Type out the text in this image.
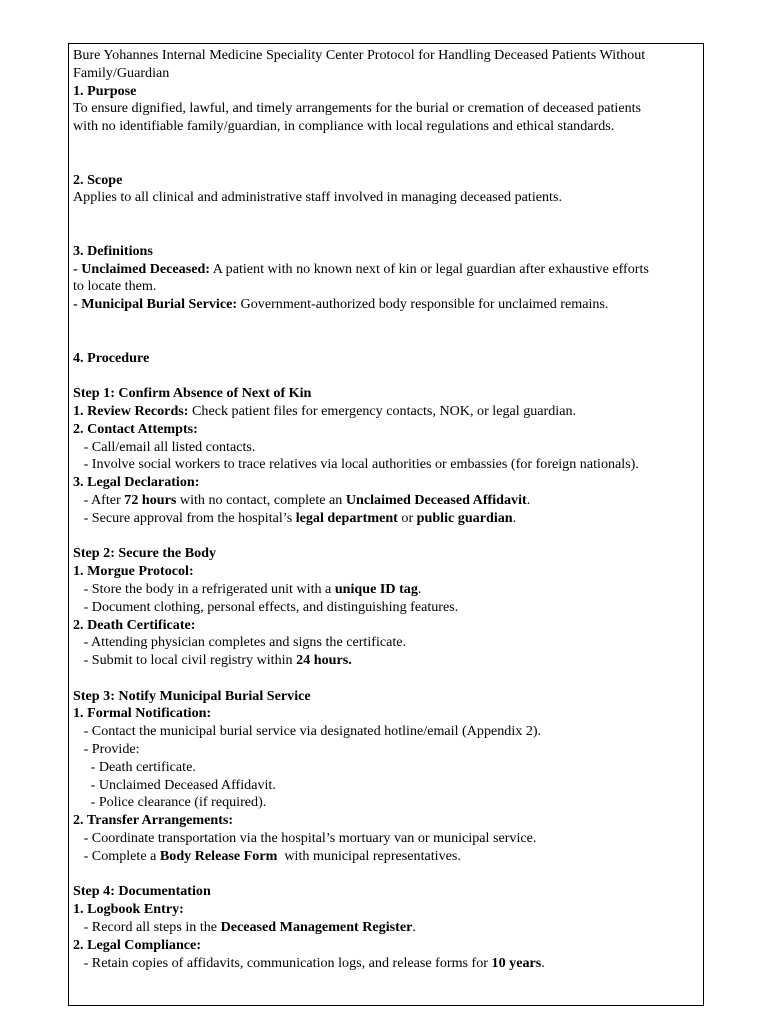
Bure Yohannes Internal Medicine Speciality Center Protocol for Handling Deceased Patients Without
Family/Guardian
1. Purpose
To ensure dignified, lawful, and timely arrangements for the burial or cremation of deceased patients
with no identifiable family/guardian, in compliance with local regulations and ethical standards.
2. Scope
Applies to all clinical and administrative staff involved in managing deceased patients.
3. Definitions
- Unclaimed Deceased: A patient with no known next of kin or legal guardian after exhaustive efforts
to locate them.
- Municipal Burial Service: Government-authorized body responsible for unclaimed remains.
4. Procedure
Step 1: Confirm Absence of Next of Kin
1. Review Records: Check patient files for emergency contacts, NOK, or legal guardian.
2. Contact Attempts:
- Call/email all listed contacts.
- Involve social workers to trace relatives via local authorities or embassies (for foreign nationals).
3. Legal Declaration:
- After 72 hours with no contact, complete an Unclaimed Deceased Affidavit.
- Secure approval from the hospital’s legal department or public guardian.
Step 2: Secure the Body
1. Morgue Protocol:
- Store the body in a refrigerated unit with a unique ID tag.
- Document clothing, personal effects, and distinguishing features.
2. Death Certificate:
- Attending physician completes and signs the certificate.
- Submit to local civil registry within 24 hours.
Step 3: Notify Municipal Burial Service
1. Formal Notification:
- Contact the municipal burial service via designated hotline/email (Appendix 2).
- Provide:
- Death certificate.
- Unclaimed Deceased Affidavit.
- Police clearance (if required).
2. Transfer Arrangements:
- Coordinate transportation via the hospital’s mortuary van or municipal service.
- Complete a Body Release Form  with municipal representatives.
Step 4: Documentation
1. Logbook Entry:
- Record all steps in the Deceased Management Register.
2. Legal Compliance:
- Retain copies of affidavits, communication logs, and release forms for 10 years.
